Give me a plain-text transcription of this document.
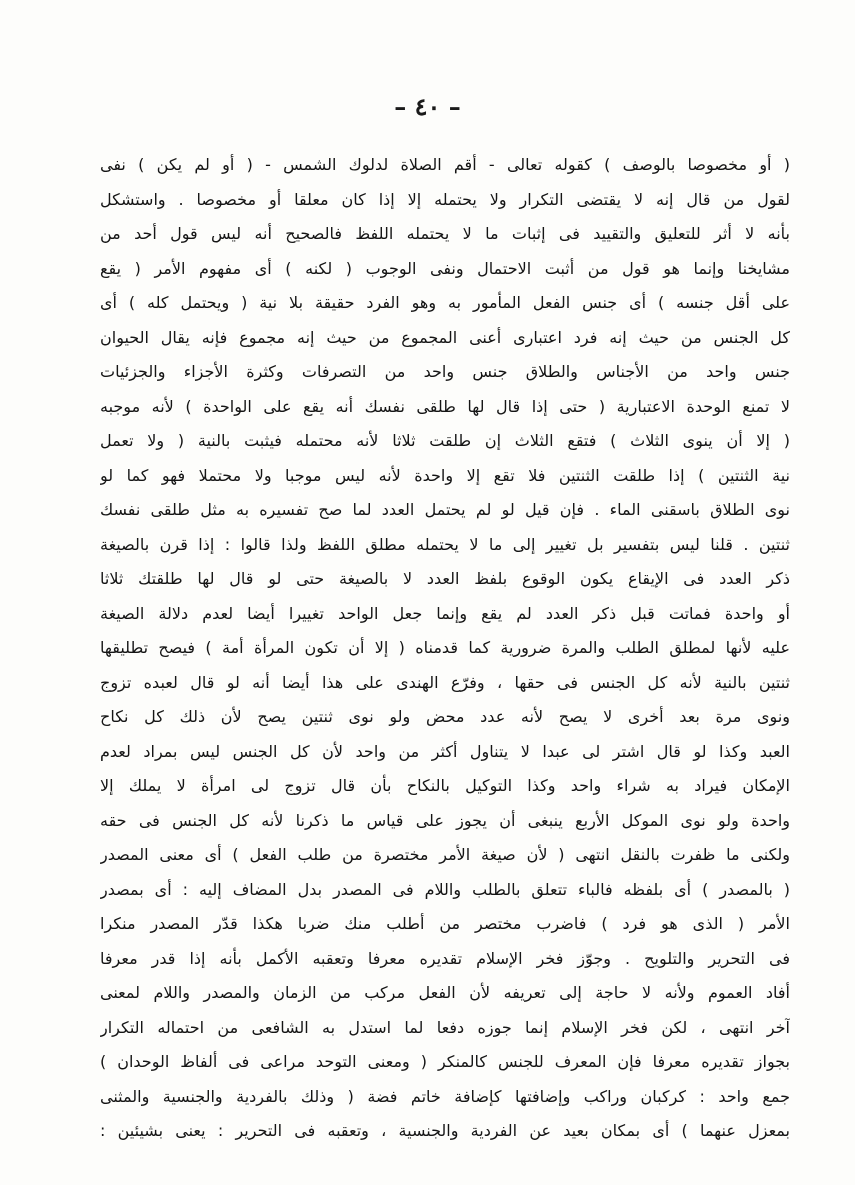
– ٤٠ –
( أو مخصوصا بالوصف ) كقوله تعالى - أقم الصلاة لدلوك الشمس - ( أو لم يكن ) نفى
لقول من قال إنه لا يقتضى التكرار ولا يحتمله إلا إذا كان معلقا أو مخصوصا . واستشكل
بأنه لا أثر للتعليق والتقييد فى إثبات ما لا يحتمله اللفظ فالصحيح أنه ليس قول أحد من
مشايخنا وإنما هو قول من أثبت الاحتمال ونفى الوجوب ( لكنه ) أى مفهوم الأمر ( يقع
على أقل جنسه ) أى جنس الفعل المأمور به وهو الفرد حقيقة بلا نية ( ويحتمل كله ) أى
كل الجنس من حيث إنه فرد اعتبارى أعنى المجموع من حيث إنه مجموع فإنه يقال الحيوان
جنس واحد من الأجناس والطلاق جنس واحد من التصرفات وكثرة الأجزاء والجزئيات
لا تمنع الوحدة الاعتبارية ( حتى إذا قال لها طلقى نفسك أنه يقع على الواحدة ) لأنه موجبه
( إلا أن ينوى الثلاث ) فتقع الثلاث إن طلقت ثلاثا لأنه محتمله فيثبت بالنية ( ولا تعمل
نية الثنتين ) إذا طلقت الثنتين فلا تقع إلا واحدة لأنه ليس موجبا ولا محتملا فهو كما لو
نوى الطلاق باسقنى الماء . فإن قيل لو لم يحتمل العدد لما صح تفسيره به مثل طلقى نفسك
ثنتين . قلنا ليس بتفسير بل تغيير إلى ما لا يحتمله مطلق اللفظ ولذا قالوا : إذا قرن بالصيغة
ذكر العدد فى الإيقاع يكون الوقوع بلفظ العدد لا بالصيغة حتى لو قال لها طلقتك ثلاثا
أو واحدة فماتت قبل ذكر العدد لم يقع وإنما جعل الواحد تغييرا أيضا لعدم دلالة الصيغة
عليه لأنها لمطلق الطلب والمرة ضرورية كما قدمناه ( إلا أن تكون المرأة أمة ) فيصح تطليقها
ثنتين بالنية لأنه كل الجنس فى حقها ، وفرّع الهندى على هذا أيضا أنه لو قال لعبده تزوج
ونوى مرة بعد أخرى لا يصح لأنه عدد محض ولو نوى ثنتين يصح لأن ذلك كل نكاح
العبد وكذا لو قال اشتر لى عبدا لا يتناول أكثر من واحد لأن كل الجنس ليس بمراد لعدم
الإمكان فيراد به شراء واحد وكذا التوكيل بالنكاح بأن قال تزوج لى امرأة لا يملك إلا
واحدة ولو نوى الموكل الأربع ينبغى أن يجوز على قياس ما ذكرنا لأنه كل الجنس فى حقه
ولكنى ما ظفرت بالنقل انتهى ( لأن صيغة الأمر مختصرة من طلب الفعل ) أى معنى المصدر
( بالمصدر ) أى بلفظه فالباء تتعلق بالطلب واللام فى المصدر بدل المضاف إليه : أى بمصدر
الأمر ( الذى هو فرد ) فاضرب مختصر من أطلب منك ضربا هكذا قدّر المصدر منكرا
فى التحرير والتلويح . وجوّز فخر الإسلام تقديره معرفا وتعقبه الأكمل بأنه إذا قدر معرفا
أفاد العموم ولأنه لا حاجة إلى تعريفه لأن الفعل مركب من الزمان والمصدر واللام لمعنى
آخر انتهى ، لكن فخر الإسلام إنما جوزه دفعا لما استدل به الشافعى من احتماله التكرار
بجواز تقديره معرفا فإن المعرف للجنس كالمنكر ( ومعنى التوحد مراعى فى ألفاظ الوحدان )
جمع واحد : كركبان وراكب وإضافتها كإضافة خاتم فضة ( وذلك بالفردية والجنسية والمثنى
بمعزل عنهما ) أى بمكان بعيد عن الفردية والجنسية ، وتعقبه فى التحرير : يعنى بشيئين :
